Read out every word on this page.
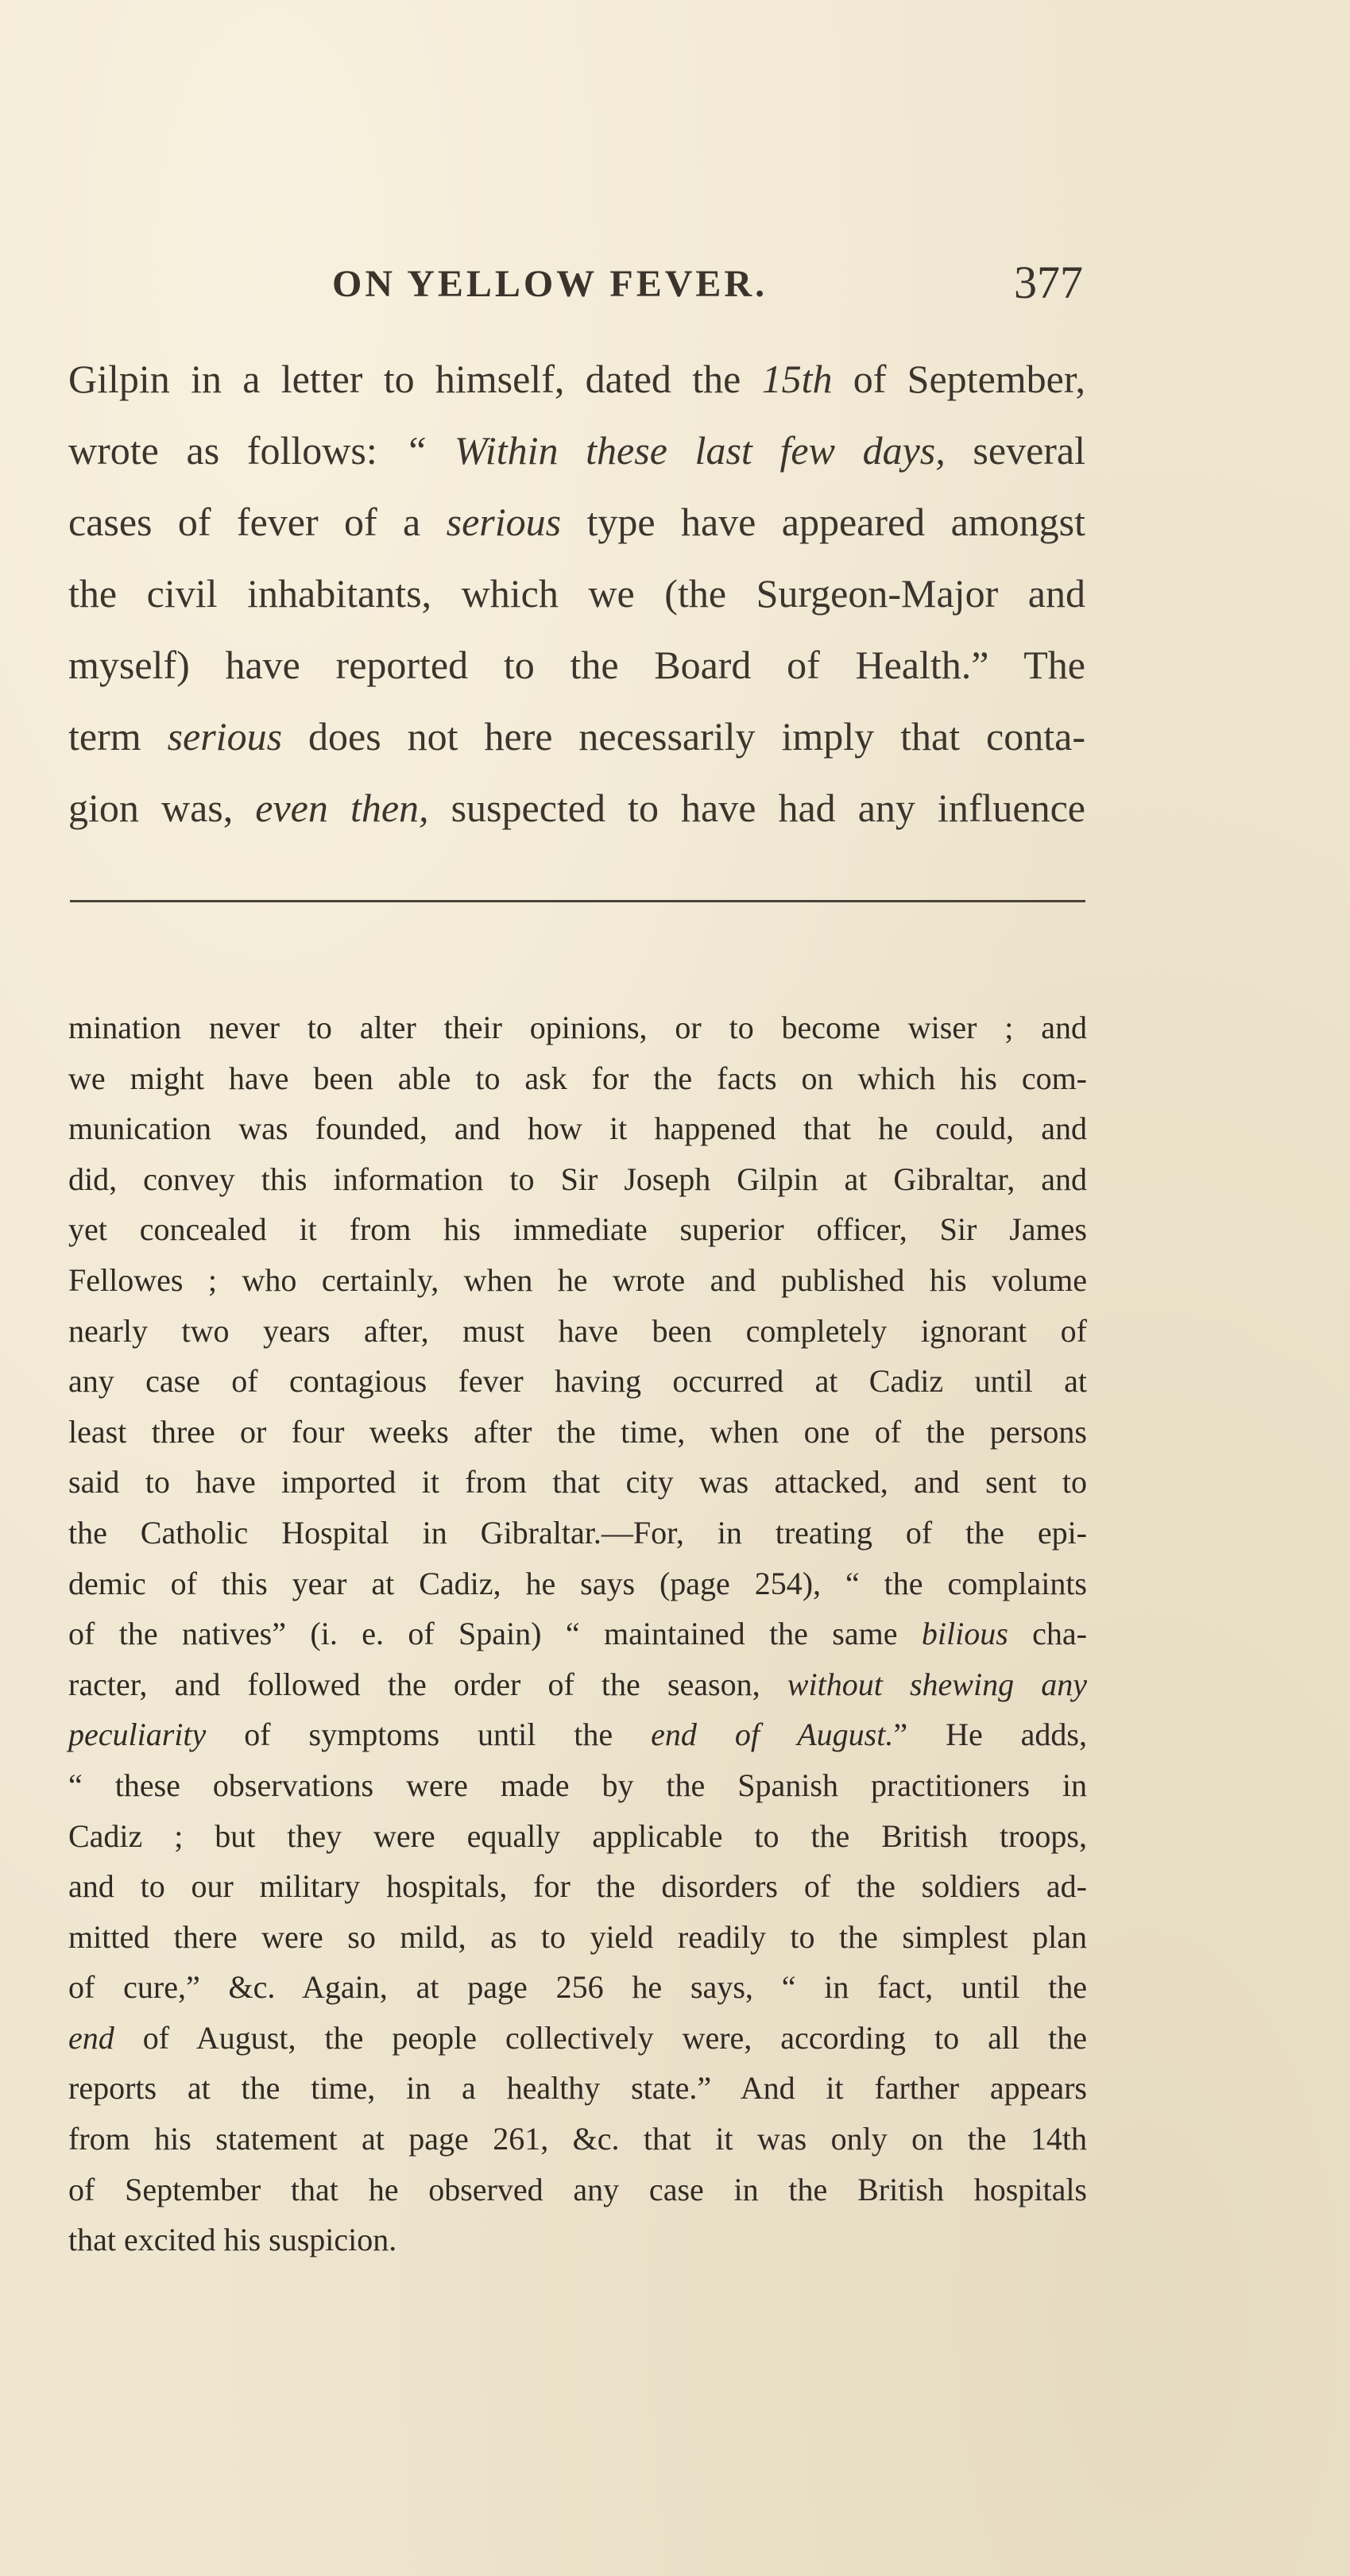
ON YELLOW FEVER.	377
Gilpin in a letter to himself, dated the 15th of September,
wrote as follows: “ Within these last few days, several
cases of fever of a serious type have appeared amongst
the civil inhabitants, which we (the Surgeon-Major and
myself) have reported to the Board of Health.” The
term serious does not here necessarily imply that conta-
gion was, even then, suspected to have had any influence
mination never to alter their opinions, or to become wiser ; and
we might have been able to ask for the facts on which his com-
munication was founded, and how it happened that he could, and
did, convey this information to Sir Joseph Gilpin at Gibraltar, and
yet concealed it from his immediate superior officer, Sir James
Fellowes ; who certainly, when he wrote and published his volume
nearly two years after, must have been completely ignorant of
any case of contagious fever having occurred at Cadiz until at
least three or four weeks after the time, when one of the persons
said to have imported it from that city was attacked, and sent to
the Catholic Hospital in Gibraltar.—For, in treating of the epi-
demic of this year at Cadiz, he says (page 254), “ the complaints
of the natives” (i. e. of Spain) “ maintained the same bilious cha-
racter, and followed the order of the season, without shewing any
peculiarity of symptoms until the end of August.” He adds,
“ these observations were made by the Spanish practitioners in
Cadiz ; but they were equally applicable to the British troops,
and to our military hospitals, for the disorders of the soldiers ad-
mitted there were so mild, as to yield readily to the simplest plan
of cure,” &c. Again, at page 256 he says, “ in fact, until the
end of August, the people collectively were, according to all the
reports at the time, in a healthy state.” And it farther appears
from his statement at page 261, &c. that it was only on the 14th
of September that he observed any case in the British hospitals
that excited his suspicion.
